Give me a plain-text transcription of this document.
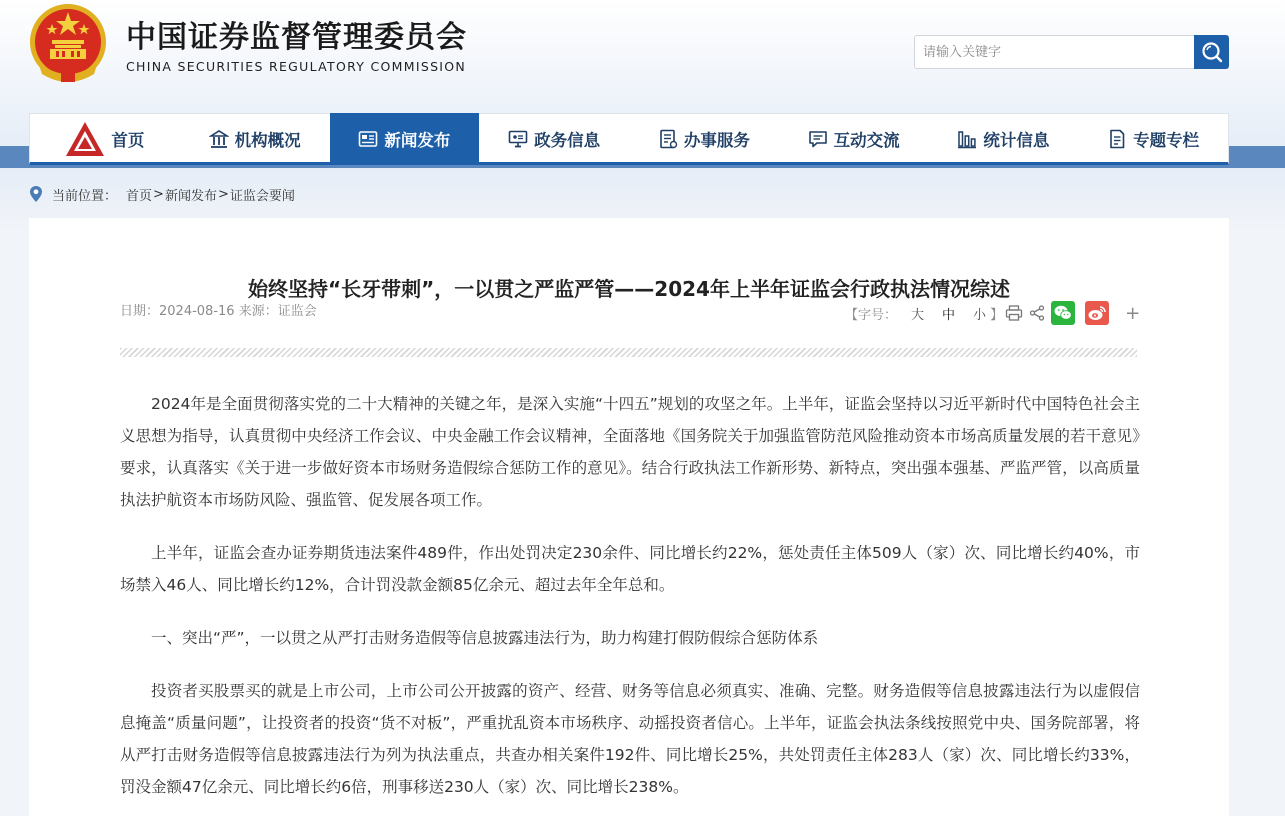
中国证券监督管理委员会
CHINA SECURITIES REGULATORY COMMISSION
请输入关键字
首页	机构概况	新闻发布	政务信息	办事服务	互动交流	统计信息	专题专栏
当前位置： 首页 > 新闻发布 > 证监会要闻
始终坚持“长牙带刺”，一以贯之严监严管——2024年上半年证监会行政执法情况综述
日期：2024-08-16 来源：证监会	【字号： 大 中 小 】	+

2024年是全面贯彻落实党的二十大精神的关键之年，是深入实施“十四五”规划的攻坚之年。上半年，证监会坚持以习近平新时代中国特色社会主义思想为指导，认真贯彻中央经济工作会议、中央金融工作会议精神，全面落地《国务院关于加强监管防范风险推动资本市场高质量发展的若干意见》要求，认真落实《关于进一步做好资本市场财务造假综合惩防工作的意见》。结合行政执法工作新形势、新特点，突出强本强基、严监严管，以高质量执法护航资本市场防风险、强监管、促发展各项工作。

上半年，证监会查办证券期货违法案件489件，作出处罚决定230余件、同比增长约22%，惩处责任主体509人（家）次、同比增长约40%，市场禁入46人、同比增长约12%，合计罚没款金额85亿余元、超过去年全年总和。

一、突出“严”，一以贯之从严打击财务造假等信息披露违法行为，助力构建打假防假综合惩防体系

投资者买股票买的就是上市公司，上市公司公开披露的资产、经营、财务等信息必须真实、准确、完整。财务造假等信息披露违法行为以虚假信息掩盖“质量问题”，让投资者的投资“货不对板”，严重扰乱资本市场秩序、动摇投资者信心。上半年，证监会执法条线按照党中央、国务院部署，将从严打击财务造假等信息披露违法行为列为执法重点，共查办相关案件192件、同比增长25%，共处罚责任主体283人（家）次、同比增长约33%，罚没金额47亿余元、同比增长约6倍，刑事移送230人（家）次、同比增长238%。
